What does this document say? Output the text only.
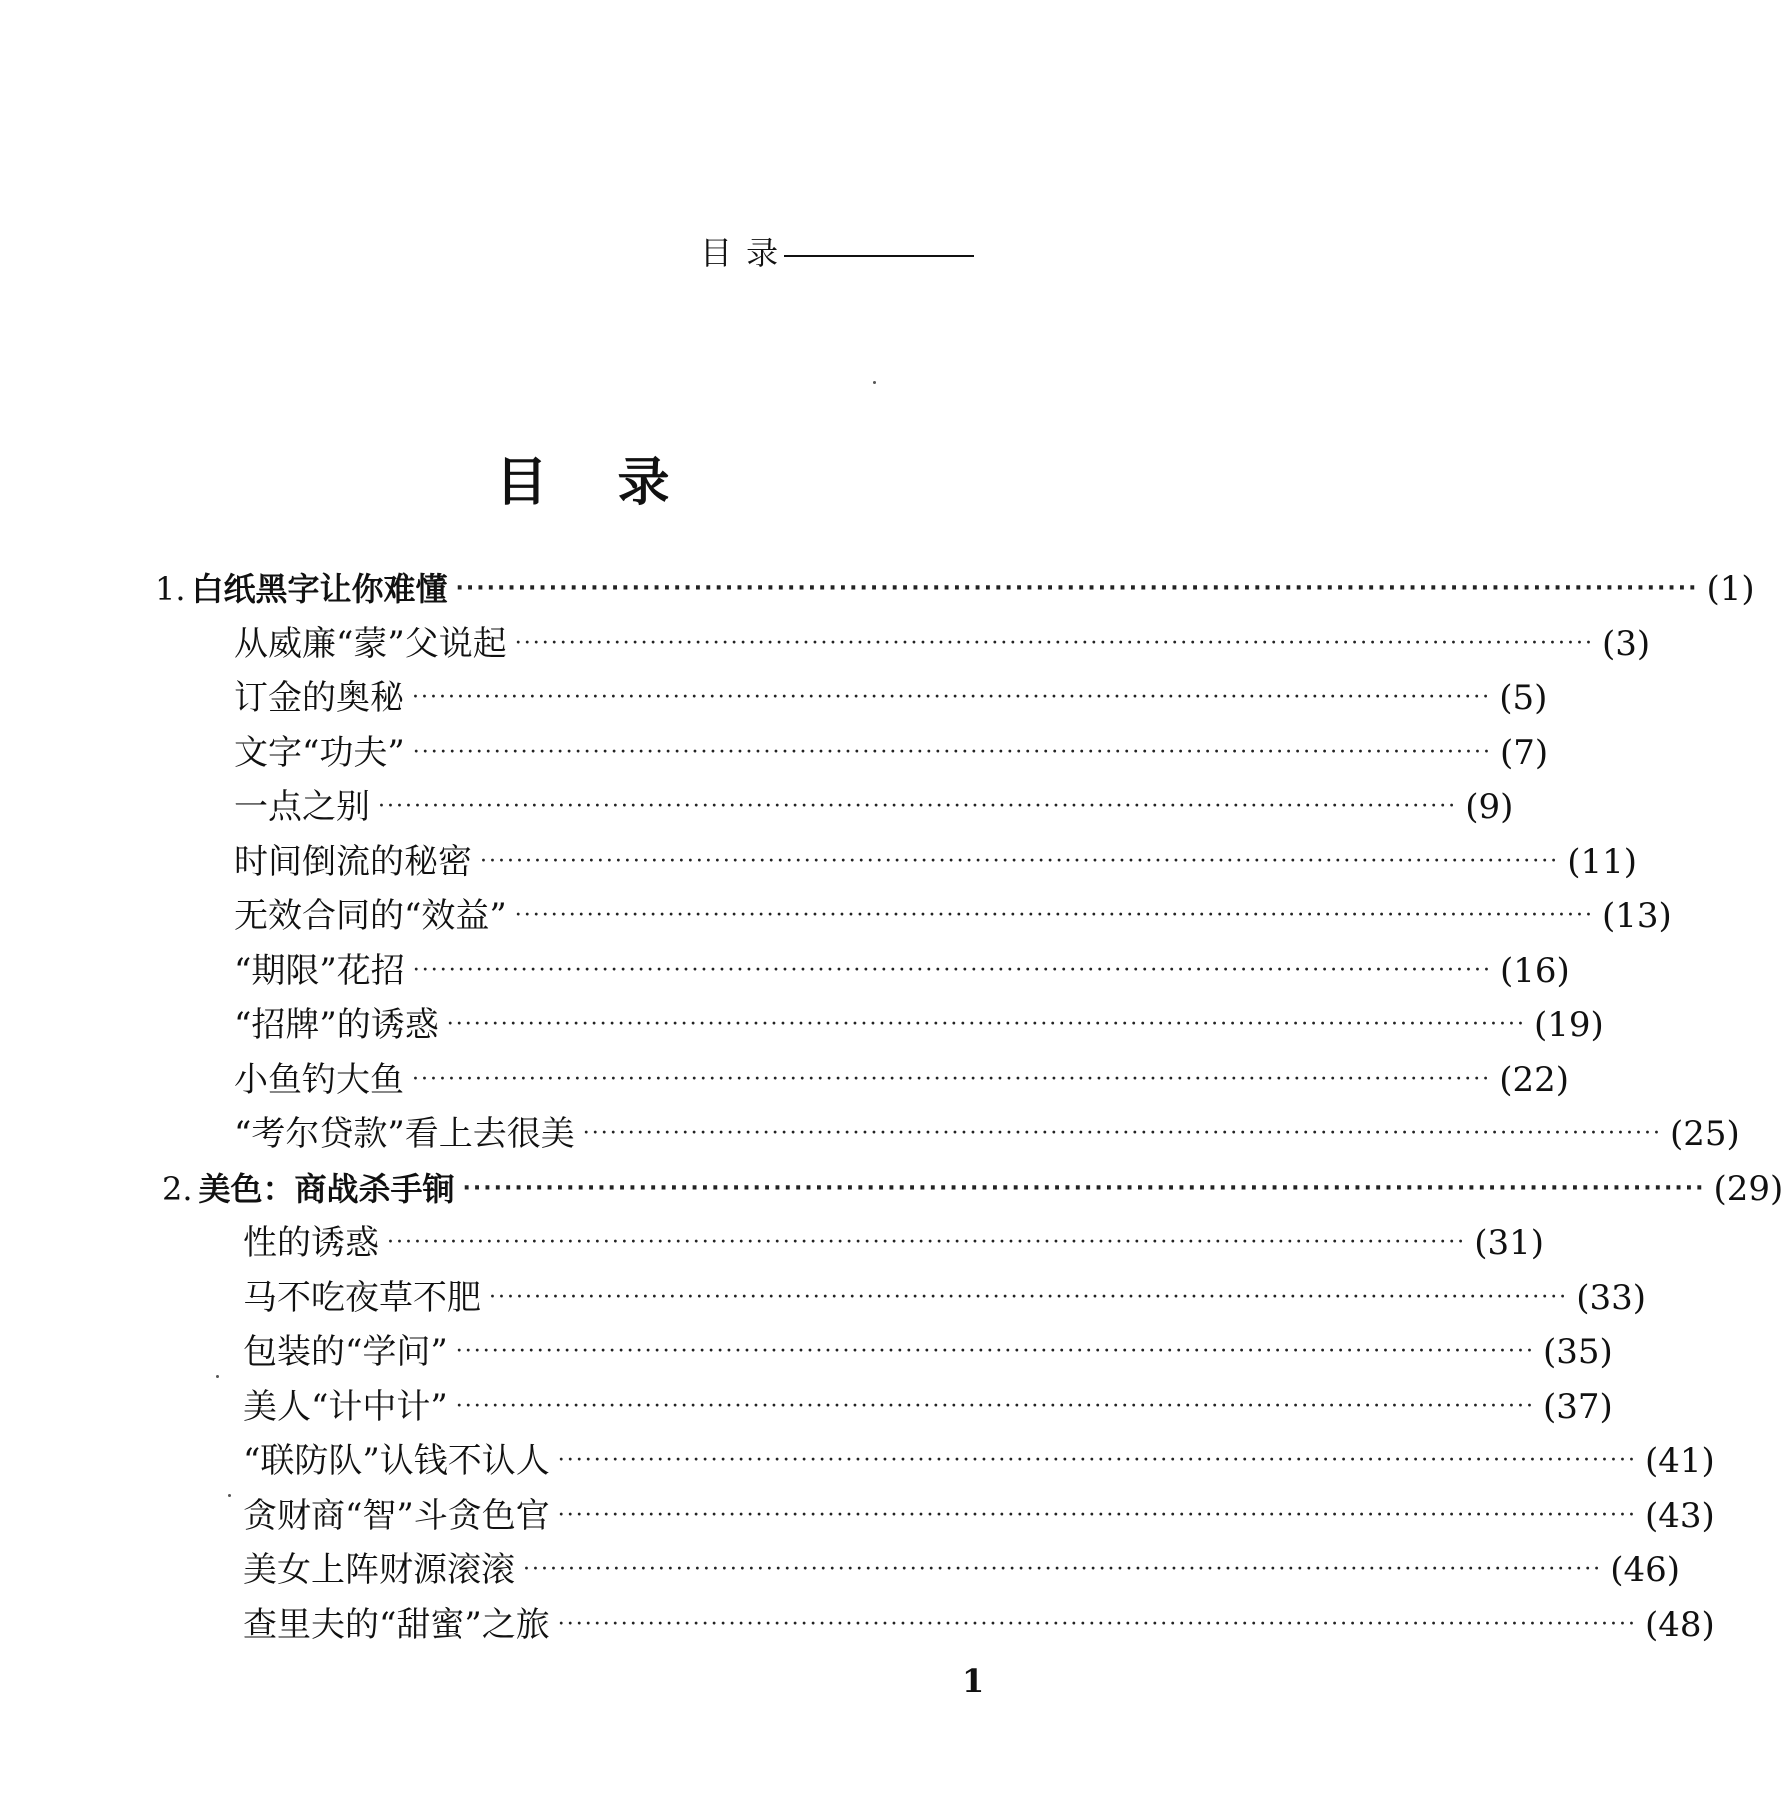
目 录
目 录
1. 白纸黑字让你难懂 ························································································································ (1)
从威廉“蒙”父说起 ························································································································ (3)
订金的奥秘 ························································································································ (5)
文字“功夫” ························································································································ (7)
一点之别 ························································································································ (9)
时间倒流的秘密 ························································································································ (11)
无效合同的“效益” ························································································································ (13)
“期限”花招 ························································································································ (16)
“招牌”的诱惑 ························································································································ (19)
小鱼钓大鱼 ························································································································ (22)
“考尔贷款”看上去很美 ························································································································ (25)
2. 美色：商战杀手锏 ························································································································ (29)
性的诱惑 ························································································································ (31)
马不吃夜草不肥 ························································································································ (33)
包装的“学问” ························································································································ (35)
美人“计中计” ························································································································ (37)
“联防队”认钱不认人 ························································································································ (41)
贪财商“智”斗贪色官 ························································································································ (43)
美女上阵财源滚滚 ························································································································ (46)
查里夫的“甜蜜”之旅 ························································································································ (48)
1
